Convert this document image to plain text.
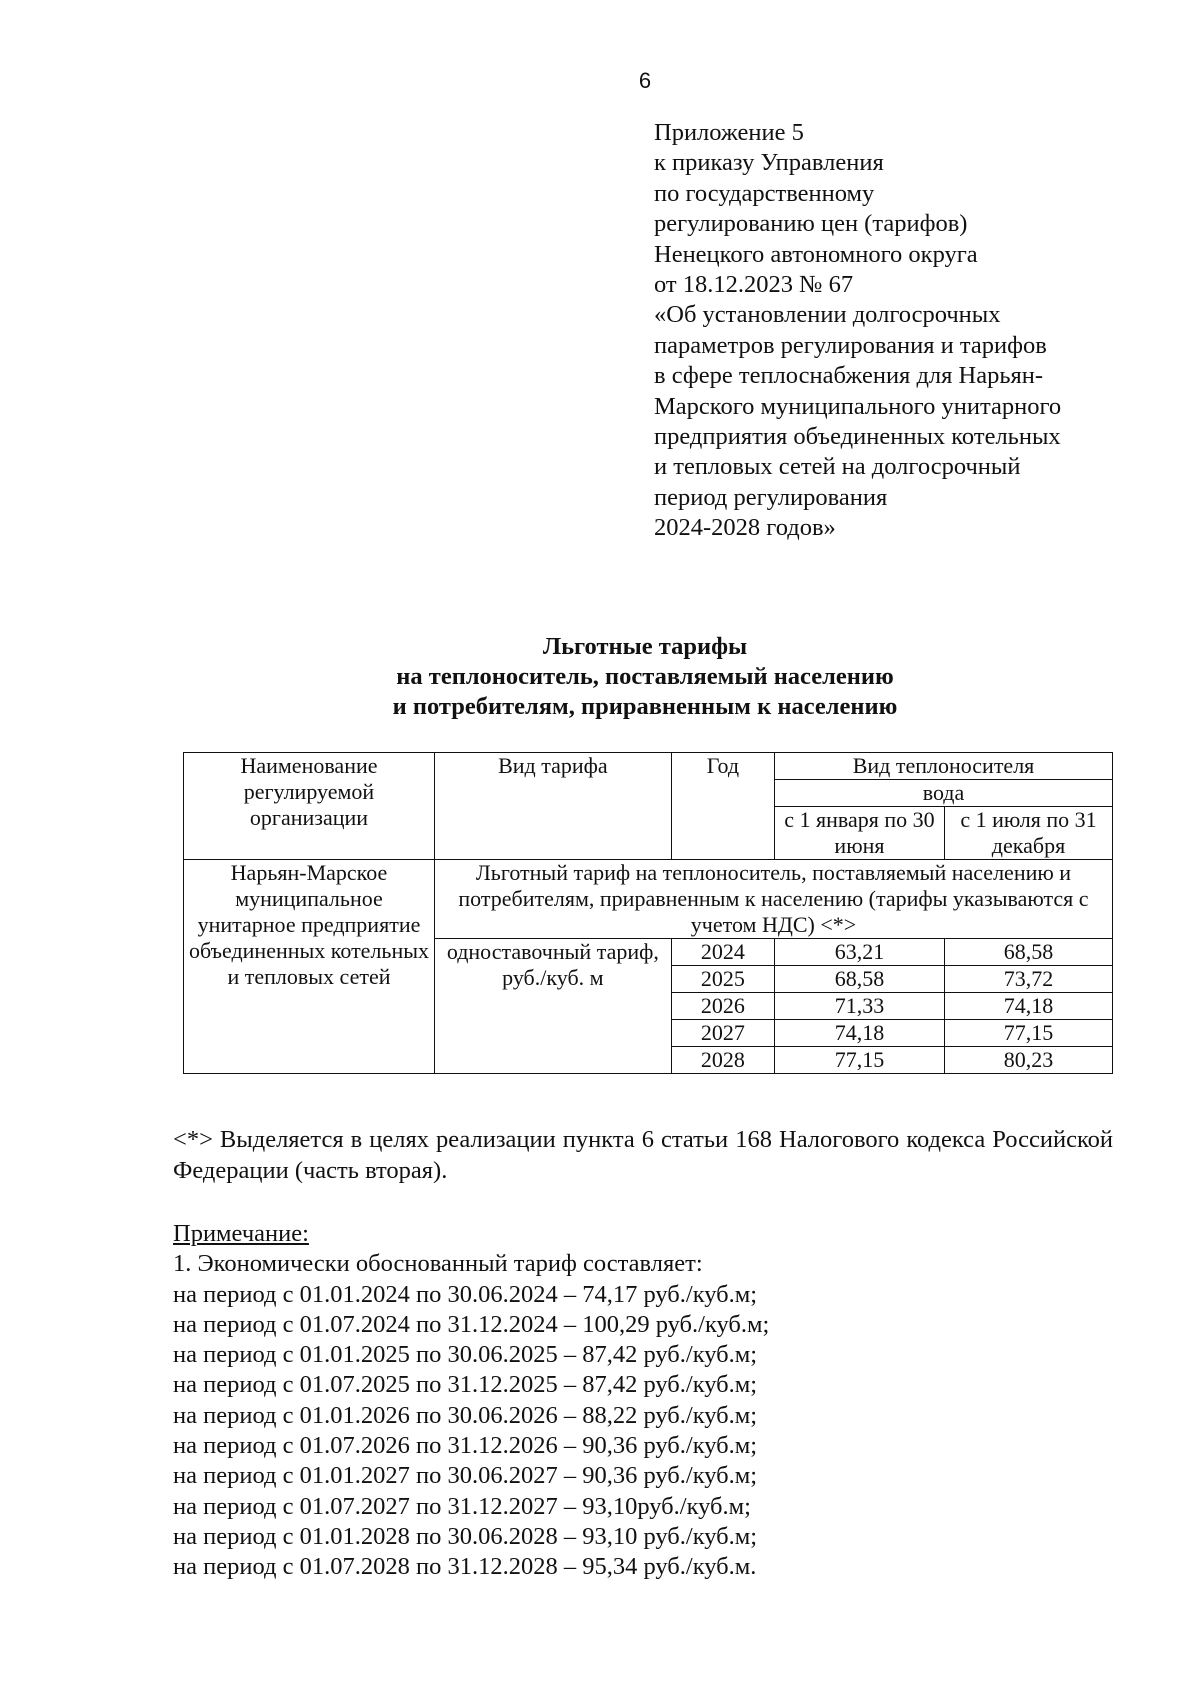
6
Приложение 5
к приказу Управления
по государственному
регулированию цен (тарифов)
Ненецкого автономного округа
от 18.12.2023 № 67
«Об установлении долгосрочных
параметров регулирования и тарифов
в сфере теплоснабжения для Нарьян-
Марского муниципального унитарного
предприятия объединенных котельных
и тепловых сетей на долгосрочный
период регулирования
2024-2028 годов»
Льготные тарифы
на теплоноситель, поставляемый населению
и потребителям, приравненным к населению
Наименование регулируемой организации	Вид тарифа	Год	Вид теплоносителя	
			вода	
			с 1 января по 30 июня	с 1 июля по 31 декабря
Нарьян-Марское муниципальное унитарное предприятие объединенных котельных и тепловых сетей	Льготный тариф на теплоноситель, поставляемый населению и потребителям, приравненным к населению (тарифы указываются с учетом НДС) <*>			
	одноставочный тариф, руб./куб. м	2024	63,21	68,58
		2025	68,58	73,72
		2026	71,33	74,18
		2027	74,18	77,15
		2028	77,15	80,23
<*> Выделяется в целях реализации пункта 6 статьи 168 Налогового кодекса Российской Федерации (часть вторая).
Примечание:
1. Экономически обоснованный тариф составляет:
на период с 01.01.2024 по 30.06.2024 – 74,17 руб./куб.м;
на период с 01.07.2024 по 31.12.2024 – 100,29 руб./куб.м;
на период с 01.01.2025 по 30.06.2025 – 87,42 руб./куб.м;
на период с 01.07.2025 по 31.12.2025 – 87,42 руб./куб.м;
на период с 01.01.2026 по 30.06.2026 – 88,22 руб./куб.м;
на период с 01.07.2026 по 31.12.2026 – 90,36 руб./куб.м;
на период с 01.01.2027 по 30.06.2027 – 90,36 руб./куб.м;
на период с 01.07.2027 по 31.12.2027 – 93,10руб./куб.м;
на период с 01.01.2028 по 30.06.2028 – 93,10 руб./куб.м;
на период с 01.07.2028 по 31.12.2028 – 95,34 руб./куб.м.
